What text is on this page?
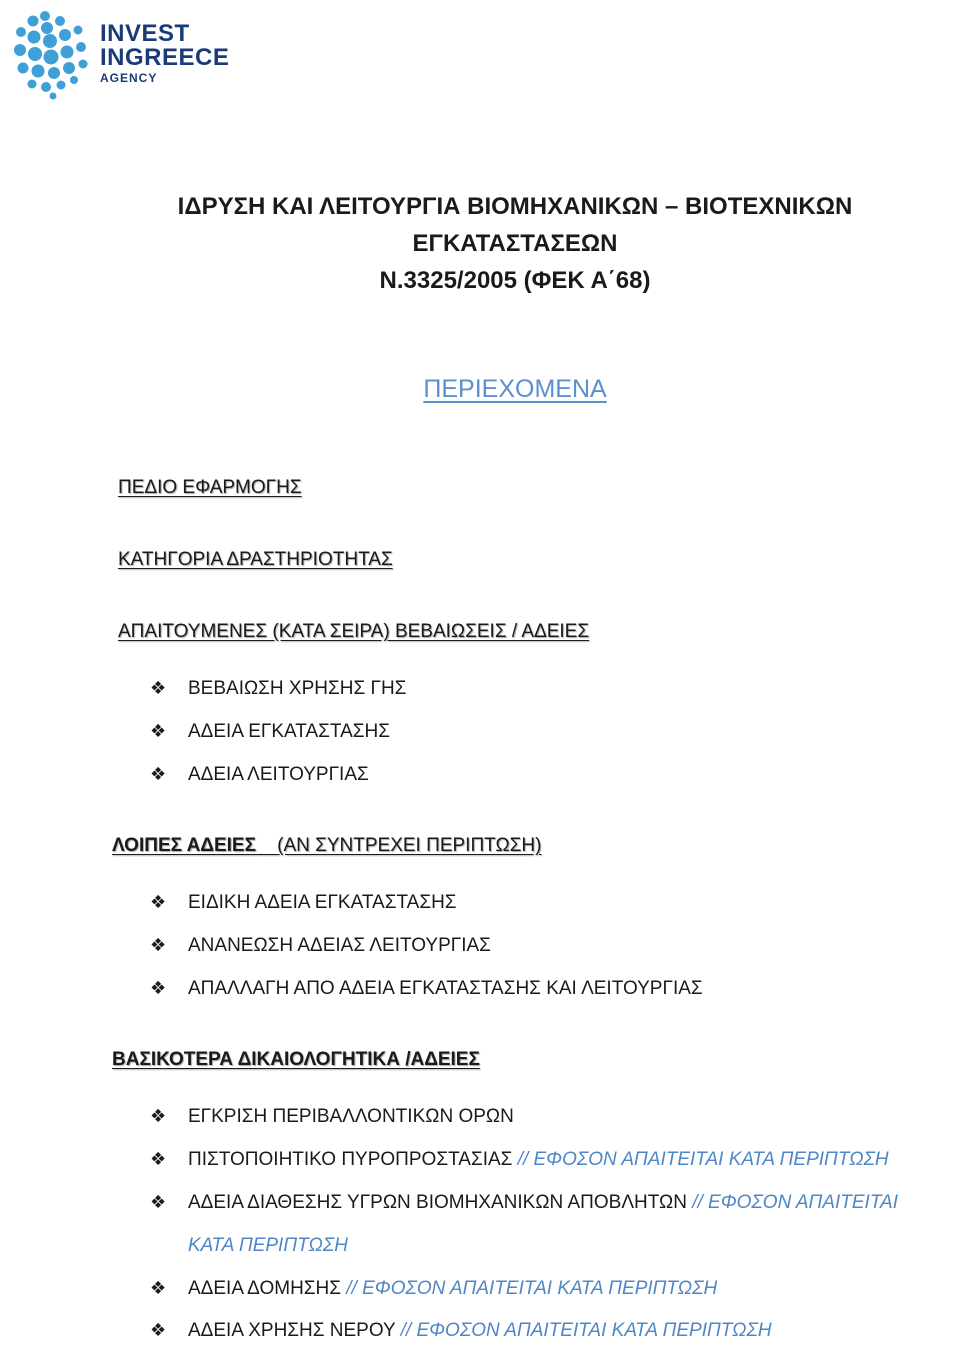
INVEST
INGREECE
AGENCY
ΙΔΡΥΣΗ ΚΑΙ ΛΕΙΤΟΥΡΓΙΑ ΒΙΟΜΗΧΑΝΙΚΩΝ – ΒΙΟΤΕΧΝΙΚΩΝ
ΕΓΚΑΤΑΣΤΑΣΕΩΝ
Ν.3325/2005 (ΦΕΚ Α΄68)
ΠΕΡΙΕΧΟΜΕΝΑ
ΠΕΔΙΟ ΕΦΑΡΜΟΓΗΣ
ΚΑΤΗΓΟΡΙΑ ΔΡΑΣΤΗΡΙΟΤΗΤΑΣ
ΑΠΑΙΤΟΥΜΕΝΕΣ (ΚΑΤΑ ΣΕΙΡΑ) ΒΕΒΑΙΩΣΕΙΣ / ΑΔΕΙΕΣ
❖ ΒΕΒΑΙΩΣΗ ΧΡΗΣΗΣ ΓΗΣ
❖ ΑΔΕΙΑ ΕΓΚΑΤΑΣΤΑΣΗΣ
❖ ΑΔΕΙΑ ΛΕΙΤΟΥΡΓΙΑΣ
ΛΟΙΠΕΣ ΑΔΕΙΕΣ (ΑΝ ΣΥΝΤΡΕΧΕΙ ΠΕΡΙΠΤΩΣΗ)
❖ ΕΙΔΙΚΗ ΑΔΕΙΑ ΕΓΚΑΤΑΣΤΑΣΗΣ
❖ ΑΝΑΝΕΩΣΗ ΑΔΕΙΑΣ ΛΕΙΤΟΥΡΓΙΑΣ
❖ ΑΠΑΛΛΑΓΗ ΑΠΟ ΑΔΕΙΑ ΕΓΚΑΤΑΣΤΑΣΗΣ ΚΑΙ ΛΕΙΤΟΥΡΓΙΑΣ
ΒΑΣΙΚΟΤΕΡΑ ΔΙΚΑΙΟΛΟΓΗΤΙΚΑ /ΑΔΕΙΕΣ
❖ ΕΓΚΡΙΣΗ ΠΕΡΙΒΑΛΛΟΝΤΙΚΩΝ ΟΡΩΝ
❖ ΠΙΣΤΟΠΟΙΗΤΙΚΟ ΠΥΡΟΠΡΟΣΤΑΣΙΑΣ // ΕΦΟΣΟΝ ΑΠΑΙΤΕΙΤΑΙ ΚΑΤΑ ΠΕΡΙΠΤΩΣΗ
❖ ΑΔΕΙΑ ΔΙΑΘΕΣΗΣ ΥΓΡΩΝ ΒΙΟΜΗΧΑΝΙΚΩΝ ΑΠΟΒΛΗΤΩΝ // ΕΦΟΣΟΝ ΑΠΑΙΤΕΙΤΑΙ
ΚΑΤΑ ΠΕΡΙΠΤΩΣΗ
❖ ΑΔΕΙΑ ΔΟΜΗΣΗΣ // ΕΦΟΣΟΝ ΑΠΑΙΤΕΙΤΑΙ ΚΑΤΑ ΠΕΡΙΠΤΩΣΗ
❖ ΑΔΕΙΑ ΧΡΗΣΗΣ ΝΕΡΟΥ // ΕΦΟΣΟΝ ΑΠΑΙΤΕΙΤΑΙ ΚΑΤΑ ΠΕΡΙΠΤΩΣΗ
